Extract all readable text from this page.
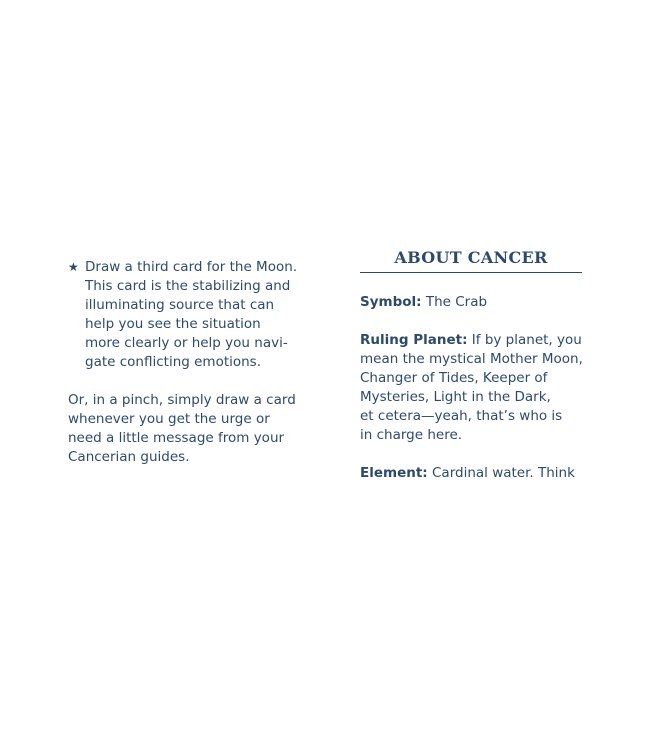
★ Draw a third card for the Moon.
This card is the stabilizing and
illuminating source that can
help you see the situation
more clearly or help you navi-
gate conflicting emotions.
Or, in a pinch, simply draw a card
whenever you get the urge or
need a little message from your
Cancerian guides.
ABOUT CANCER
Symbol: The Crab
Ruling Planet: If by planet, you
mean the mystical Mother Moon,
Changer of Tides, Keeper of
Mysteries, Light in the Dark,
et cetera—yeah, that’s who is
in charge here.
Element: Cardinal water. Think
